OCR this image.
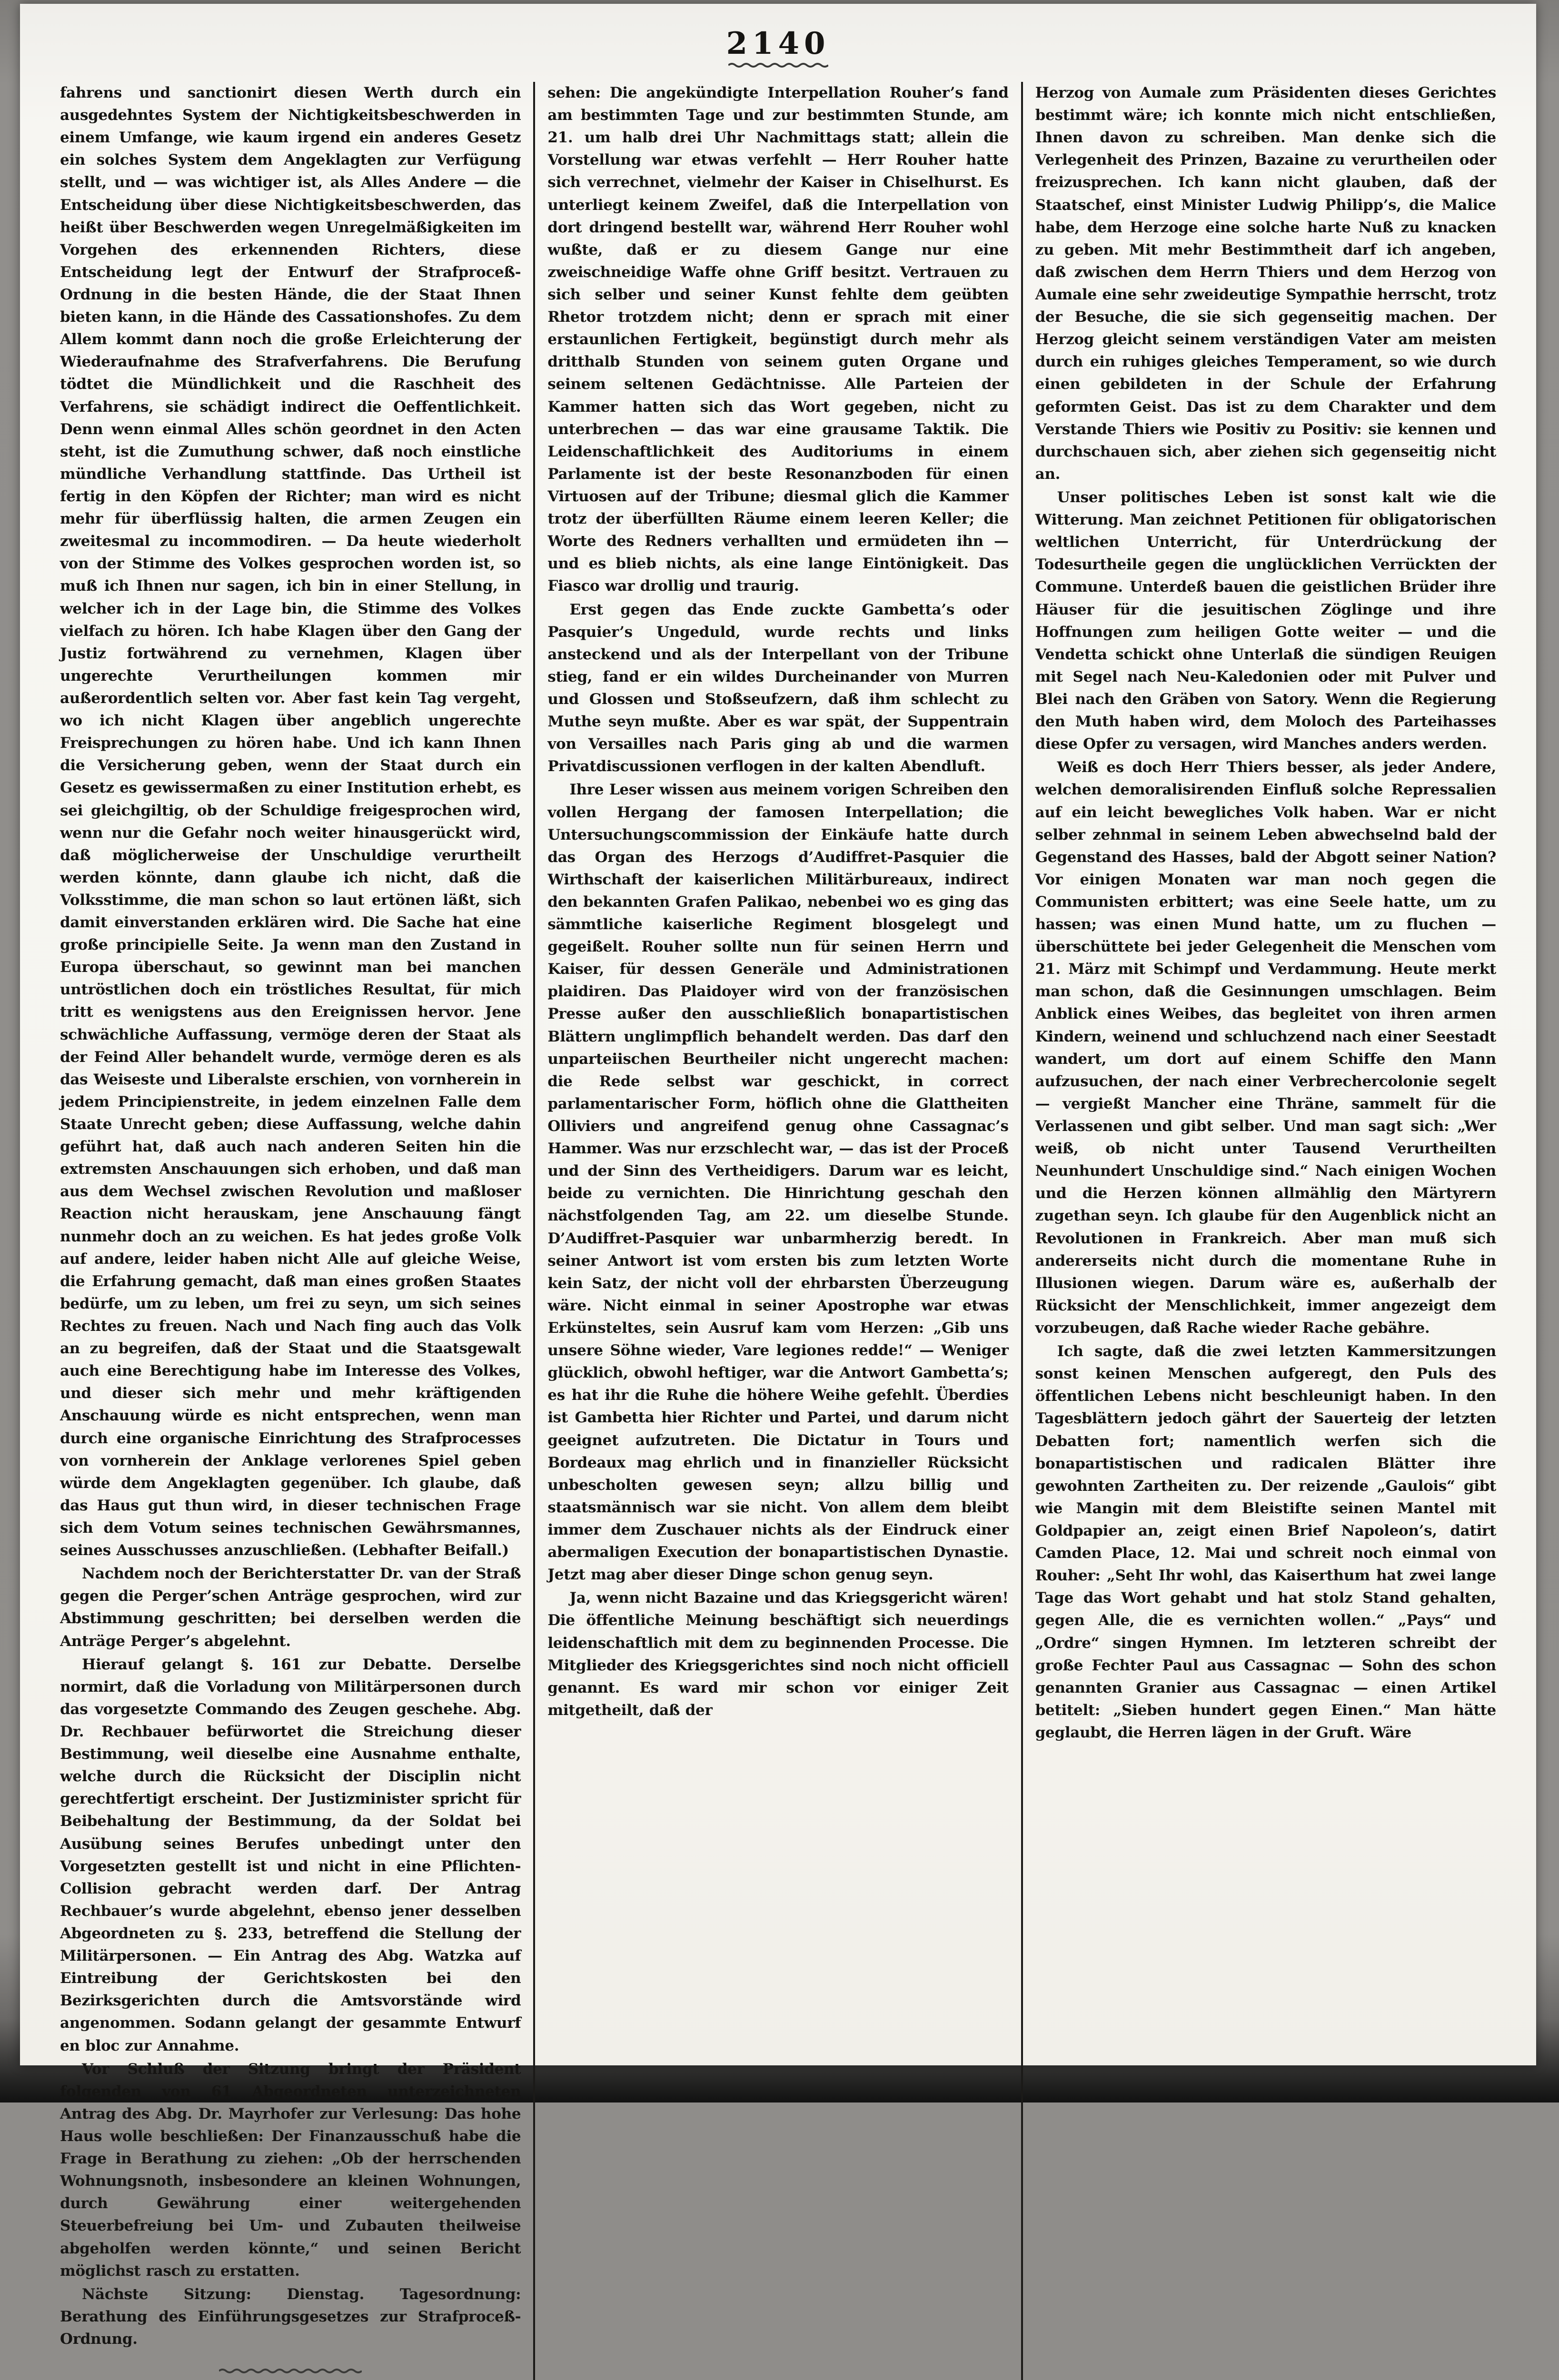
2140

fahrens und sanctionirt diesen Werth durch ein ausgedehntes System der Nichtigkeitsbeschwerden in einem Umfange, wie kaum irgend ein anderes Gesetz ein solches System dem Angeklagten zur Verfügung stellt, und — was wichtiger ist, als Alles Andere — die Entscheidung über diese Nichtigkeitsbeschwerden, das heißt über Beschwerden wegen Unregelmäßigkeiten im Vorgehen des erkennenden Richters, diese Entscheidung legt der Entwurf der Strafproceß-Ordnung in die besten Hände, die der Staat Ihnen bieten kann, in die Hände des Cassationshofes. Zu dem Allem kommt dann noch die große Erleichterung der Wiederaufnahme des Strafverfahrens. Die Berufung tödtet die Mündlichkeit und die Raschheit des Verfahrens, sie schädigt indirect die Oeffentlichkeit. Denn wenn einmal Alles schön geordnet in den Acten steht, ist die Zumuthung schwer, daß noch einstliche mündliche Verhandlung stattfinde. Das Urtheil ist fertig in den Köpfen der Richter; man wird es nicht mehr für überflüssig halten, die armen Zeugen ein zweitesmal zu incommodiren. — Da heute wiederholt von der Stimme des Volkes gesprochen worden ist, so muß ich Ihnen nur sagen, ich bin in einer Stellung, in welcher ich in der Lage bin, die Stimme des Volkes vielfach zu hören. Ich habe Klagen über den Gang der Justiz fortwährend zu vernehmen, Klagen über ungerechte Verurtheilungen kommen mir außerordentlich selten vor. Aber fast kein Tag vergeht, wo ich nicht Klagen über angeblich ungerechte Freisprechungen zu hören habe. Und ich kann Ihnen die Versicherung geben, wenn der Staat durch ein Gesetz es gewissermaßen zu einer Institution erhebt, es sei gleichgiltig, ob der Schuldige freigesprochen wird, wenn nur die Gefahr noch weiter hinausgerückt wird, daß möglicherweise der Unschuldige verurtheilt werden könnte, dann glaube ich nicht, daß die Volksstimme, die man schon so laut ertönen läßt, sich damit einverstanden erklären wird. Die Sache hat eine große principielle Seite. Ja wenn man den Zustand in Europa überschaut, so gewinnt man bei manchen untröstlichen doch ein tröstliches Resultat, für mich tritt es wenigstens aus den Ereignissen hervor. Jene schwächliche Auffassung, vermöge deren der Staat als der Feind Aller behandelt wurde, vermöge deren es als das Weiseste und Liberalste erschien, von vornherein in jedem Principienstreite, in jedem einzelnen Falle dem Staate Unrecht geben; diese Auffassung, welche dahin geführt hat, daß auch nach anderen Seiten hin die extremsten Anschauungen sich erhoben, und daß man aus dem Wechsel zwischen Revolution und maßloser Reaction nicht herauskam, jene Anschauung fängt nunmehr doch an zu weichen. Es hat jedes große Volk auf andere, leider haben nicht Alle auf gleiche Weise, die Erfahrung gemacht, daß man eines großen Staates bedürfe, um zu leben, um frei zu seyn, um sich seines Rechtes zu freuen. Nach und Nach fing auch das Volk an zu begreifen, daß der Staat und die Staatsgewalt auch eine Berechtigung habe im Interesse des Volkes, und dieser sich mehr und mehr kräftigenden Anschauung würde es nicht entsprechen, wenn man durch eine organische Einrichtung des Strafprocesses von vornherein der Anklage verlorenes Spiel geben würde dem Angeklagten gegenüber. Ich glaube, daß das Haus gut thun wird, in dieser technischen Frage sich dem Votum seines technischen Gewährsmannes, seines Ausschusses anzuschließen. (Lebhafter Beifall.)

Nachdem noch der Berichterstatter Dr. van der Straß gegen die Perger’schen Anträge gesprochen, wird zur Abstimmung geschritten; bei derselben werden die Anträge Perger’s abgelehnt.

Hierauf gelangt §. 161 zur Debatte. Derselbe normirt, daß die Vorladung von Militärpersonen durch das vorgesetzte Commando des Zeugen geschehe. Abg. Dr. Rechbauer befürwortet die Streichung dieser Bestimmung, weil dieselbe eine Ausnahme enthalte, welche durch die Rücksicht der Disciplin nicht gerechtfertigt erscheint. Der Justizminister spricht für Beibehaltung der Bestimmung, da der Soldat bei Ausübung seines Berufes unbedingt unter den Vorgesetzten gestellt ist und nicht in eine Pflichten-Collision gebracht werden darf. Der Antrag Rechbauer’s wurde abgelehnt, ebenso jener desselben Abgeordneten zu §. 233, betreffend die Stellung der Militärpersonen. — Ein Antrag des Abg. Watzka auf Eintreibung der Gerichtskosten bei den Bezirksgerichten durch die Amtsvorstände wird angenommen. Sodann gelangt der gesammte Entwurf en bloc zur Annahme.

Vor Schluß der Sitzung bringt der Präsident folgenden von 61 Abgeordneten unterzeichneten Antrag des Abg. Dr. Mayrhofer zur Verlesung: Das hohe Haus wolle beschließen: Der Finanzausschuß habe die Frage in Berathung zu ziehen: „Ob der herrschenden Wohnungsnoth, insbesondere an kleinen Wohnungen, durch Gewährung einer weitergehenden Steuerbefreiung bei Um- und Zubauten theilweise abgeholfen werden könnte,“ und seinen Bericht möglichst rasch zu erstatten.

Nächste Sitzung: Dienstag. Tagesordnung: Berathung des Einführungsgesetzes zur Strafproceß-Ordnung.

sehen: Die angekündigte Interpellation Rouher’s fand am bestimmten Tage und zur bestimmten Stunde, am 21. um halb drei Uhr Nachmittags statt; allein die Vorstellung war etwas verfehlt — Herr Rouher hatte sich verrechnet, vielmehr der Kaiser in Chiselhurst. Es unterliegt keinem Zweifel, daß die Interpellation von dort dringend bestellt war, während Herr Rouher wohl wußte, daß er zu diesem Gange nur eine zweischneidige Waffe ohne Griff besitzt. Vertrauen zu sich selber und seiner Kunst fehlte dem geübten Rhetor trotzdem nicht; denn er sprach mit einer erstaunlichen Fertigkeit, begünstigt durch mehr als dritthalb Stunden von seinem guten Organe und seinem seltenen Gedächtnisse. Alle Parteien der Kammer hatten sich das Wort gegeben, nicht zu unterbrechen — das war eine grausame Taktik. Die Leidenschaftlichkeit des Auditoriums in einem Parlamente ist der beste Resonanzboden für einen Virtuosen auf der Tribune; diesmal glich die Kammer trotz der überfüllten Räume einem leeren Keller; die Worte des Redners verhallten und ermüdeten ihn — und es blieb nichts, als eine lange Eintönigkeit. Das Fiasco war drollig und traurig.

Erst gegen das Ende zuckte Gambetta’s oder Pasquier’s Ungeduld, wurde rechts und links ansteckend und als der Interpellant von der Tribune stieg, fand er ein wildes Durcheinander von Murren und Glossen und Stoßseufzern, daß ihm schlecht zu Muthe seyn mußte. Aber es war spät, der Suppentrain von Versailles nach Paris ging ab und die warmen Privatdiscussionen verflogen in der kalten Abendluft.

Ihre Leser wissen aus meinem vorigen Schreiben den vollen Hergang der famosen Interpellation; die Untersuchungscommission der Einkäufe hatte durch das Organ des Herzogs d’Audiffret-Pasquier die Wirthschaft der kaiserlichen Militärbureaux, indirect den bekannten Grafen Palikao, nebenbei wo es ging das sämmtliche kaiserliche Regiment blosgelegt und gegeißelt. Rouher sollte nun für seinen Herrn und Kaiser, für dessen Generäle und Administrationen plaidiren. Das Plaidoyer wird von der französischen Presse außer den ausschließlich bonapartistischen Blättern unglimpflich behandelt werden. Das darf den unparteiischen Beurtheiler nicht ungerecht machen: die Rede selbst war geschickt, in correct parlamentarischer Form, höflich ohne die Glattheiten Olliviers und angreifend genug ohne Cassagnac’s Hammer. Was nur erzschlecht war, — das ist der Proceß und der Sinn des Vertheidigers. Darum war es leicht, beide zu vernichten. Die Hinrichtung geschah den nächstfolgenden Tag, am 22. um dieselbe Stunde. D’Audiffret-Pasquier war unbarmherzig beredt. In seiner Antwort ist vom ersten bis zum letzten Worte kein Satz, der nicht voll der ehrbarsten Überzeugung wäre. Nicht einmal in seiner Apostrophe war etwas Erkünsteltes, sein Ausruf kam vom Herzen: „Gib uns unsere Söhne wieder, Vare legiones redde!“ — Weniger glücklich, obwohl heftiger, war die Antwort Gambetta’s; es hat ihr die Ruhe die höhere Weihe gefehlt. Überdies ist Gambetta hier Richter und Partei, und darum nicht geeignet aufzutreten. Die Dictatur in Tours und Bordeaux mag ehrlich und in finanzieller Rücksicht unbescholten gewesen seyn; allzu billig und staatsmännisch war sie nicht. Von allem dem bleibt immer dem Zuschauer nichts als der Eindruck einer abermaligen Execution der bonapartistischen Dynastie. Jetzt mag aber dieser Dinge schon genug seyn.

Ja, wenn nicht Bazaine und das Kriegsgericht wären! Die öffentliche Meinung beschäftigt sich neuerdings leidenschaftlich mit dem zu beginnenden Processe. Die Mitglieder des Kriegsgerichtes sind noch nicht officiell genannt. Es ward mir schon vor einiger Zeit mitgetheilt, daß der

Herzog von Aumale zum Präsidenten dieses Gerichtes bestimmt wäre; ich konnte mich nicht entschließen, Ihnen davon zu schreiben. Man denke sich die Verlegenheit des Prinzen, Bazaine zu verurtheilen oder freizusprechen. Ich kann nicht glauben, daß der Staatschef, einst Minister Ludwig Philipp’s, die Malice habe, dem Herzoge eine solche harte Nuß zu knacken zu geben. Mit mehr Bestimmtheit darf ich angeben, daß zwischen dem Herrn Thiers und dem Herzog von Aumale eine sehr zweideutige Sympathie herrscht, trotz der Besuche, die sie sich gegenseitig machen. Der Herzog gleicht seinem verständigen Vater am meisten durch ein ruhiges gleiches Temperament, so wie durch einen gebildeten in der Schule der Erfahrung geformten Geist. Das ist zu dem Charakter und dem Verstande Thiers wie Positiv zu Positiv: sie kennen und durchschauen sich, aber ziehen sich gegenseitig nicht an.

Unser politisches Leben ist sonst kalt wie die Witterung. Man zeichnet Petitionen für obligatorischen weltlichen Unterricht, für Unterdrückung der Todesurtheile gegen die unglücklichen Verrückten der Commune. Unterdeß bauen die geistlichen Brüder ihre Häuser für die jesuitischen Zöglinge und ihre Hoffnungen zum heiligen Gotte weiter — und die Vendetta schickt ohne Unterlaß die sündigen Reuigen mit Segel nach Neu-Kaledonien oder mit Pulver und Blei nach den Gräben von Satory. Wenn die Regierung den Muth haben wird, dem Moloch des Parteihasses diese Opfer zu versagen, wird Manches anders werden.

Weiß es doch Herr Thiers besser, als jeder Andere, welchen demoralisirenden Einfluß solche Repressalien auf ein leicht bewegliches Volk haben. War er nicht selber zehnmal in seinem Leben abwechselnd bald der Gegenstand des Hasses, bald der Abgott seiner Nation? Vor einigen Monaten war man noch gegen die Communisten erbittert; was eine Seele hatte, um zu hassen; was einen Mund hatte, um zu fluchen — überschüttete bei jeder Gelegenheit die Menschen vom 21. März mit Schimpf und Verdammung. Heute merkt man schon, daß die Gesinnungen umschlagen. Beim Anblick eines Weibes, das begleitet von ihren armen Kindern, weinend und schluchzend nach einer Seestadt wandert, um dort auf einem Schiffe den Mann aufzusuchen, der nach einer Verbrechercolonie segelt — vergießt Mancher eine Thräne, sammelt für die Verlassenen und gibt selber. Und man sagt sich: „Wer weiß, ob nicht unter Tausend Verurtheilten Neunhundert Unschuldige sind.“ Nach einigen Wochen und die Herzen können allmählig den Märtyrern zugethan seyn. Ich glaube für den Augenblick nicht an Revolutionen in Frankreich. Aber man muß sich andererseits nicht durch die momentane Ruhe in Illusionen wiegen. Darum wäre es, außerhalb der Rücksicht der Menschlichkeit, immer angezeigt dem vorzubeugen, daß Rache wieder Rache gebähre.

Ich sagte, daß die zwei letzten Kammersitzungen sonst keinen Menschen aufgeregt, den Puls des öffentlichen Lebens nicht beschleunigt haben. In den Tagesblättern jedoch gährt der Sauerteig der letzten Debatten fort; namentlich werfen sich die bonapartistischen und radicalen Blätter ihre gewohnten Zartheiten zu. Der reizende „Gaulois“ gibt wie Mangin mit dem Bleistifte seinen Mantel mit Goldpapier an, zeigt einen Brief Napoleon’s, datirt Camden Place, 12. Mai und schreit noch einmal von Rouher: „Seht Ihr wohl, das Kaiserthum hat zwei lange Tage das Wort gehabt und hat stolz Stand gehalten, gegen Alle, die es vernichten wollen.“ „Pays“ und „Ordre“ singen Hymnen. Im letzteren schreibt der große Fechter Paul aus Cassagnac — Sohn des schon genannten Granier aus Cassagnac — einen Artikel betitelt: „Sieben hundert gegen Einen.“ Man hätte geglaubt, die Herren lägen in der Gruft. Wäre
